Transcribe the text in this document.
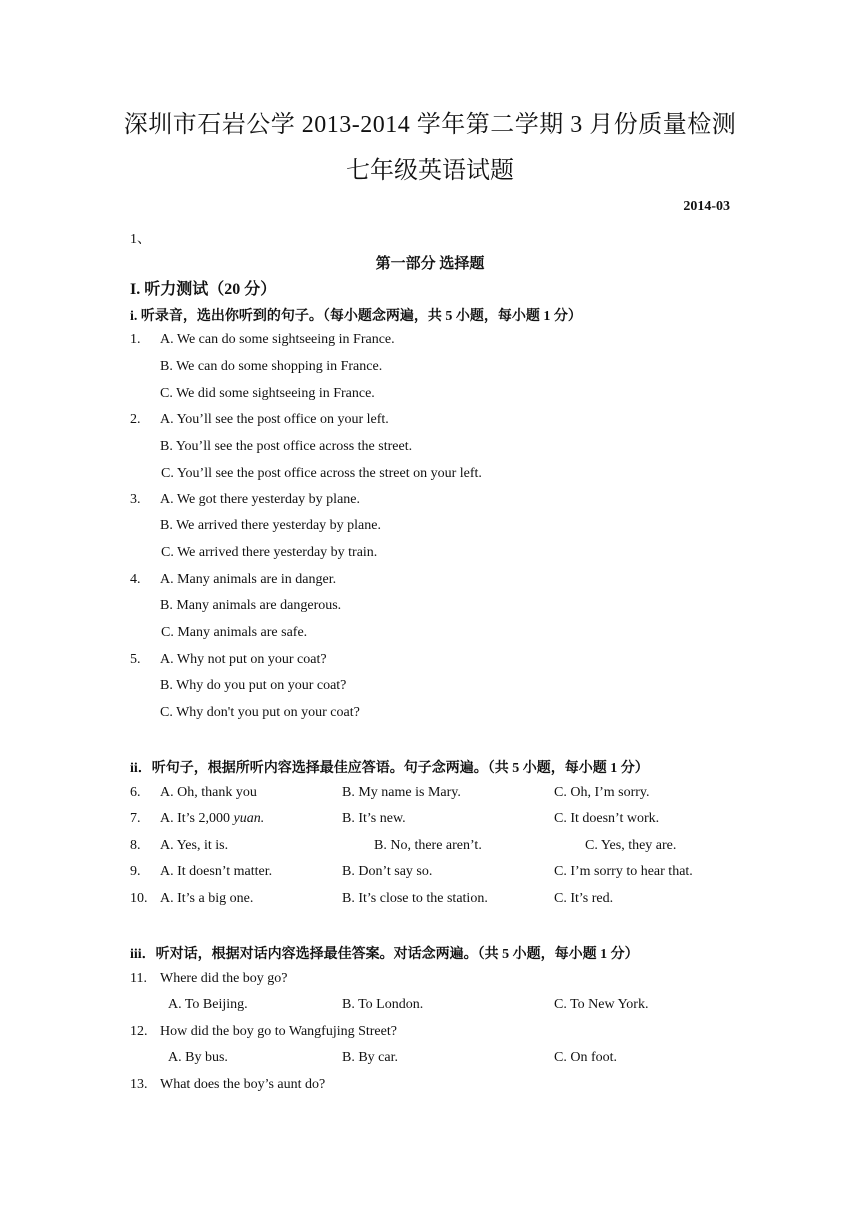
深圳市石岩公学 2013-2014 学年第二学期 3 月份质量检测
七年级英语试题
2014-03
1、
第一部分 选择题
I. 听力测试（20 分）
i. 听录音，选出你听到的句子。（每小题念两遍，共 5 小题，每小题 1 分）
1. A. We can do some sightseeing in France.
B. We can do some shopping in France.
C. We did some sightseeing in France.
2. A. You’ll see the post office on your left.
B. You’ll see the post office across the street.
C. You’ll see the post office across the street on your left.
3. A. We got there yesterday by plane.
B. We arrived there yesterday by plane.
C. We arrived there yesterday by train.
4. A. Many animals are in danger.
B. Many animals are dangerous.
C. Many animals are safe.
5. A. Why not put on your coat?
B. Why do you put on your coat?
C. Why don't you put on your coat?
ii．听句子，根据所听内容选择最佳应答语。句子念两遍。（共 5 小题，每小题 1 分）
6. A. Oh, thank you	B. My name is Mary.	C. Oh, I’m sorry.
7. A. It’s 2,000 yuan.	B. It’s new.	C. It doesn’t work.
8. A. Yes, it is.	B. No, there aren’t.	C. Yes, they are.
9. A. It doesn’t matter.	B. Don’t say so.	C. I’m sorry to hear that.
10. A. It’s a big one.	B. It’s close to the station.	C. It’s red.
iii．听对话，根据对话内容选择最佳答案。对话念两遍。（共 5 小题，每小题 1 分）
11. Where did the boy go?
A. To Beijing.	B. To London.	C. To New York.
12. How did the boy go to Wangfujing Street?
A. By bus.	B. By car.	C. On foot.
13. What does the boy’s aunt do?
